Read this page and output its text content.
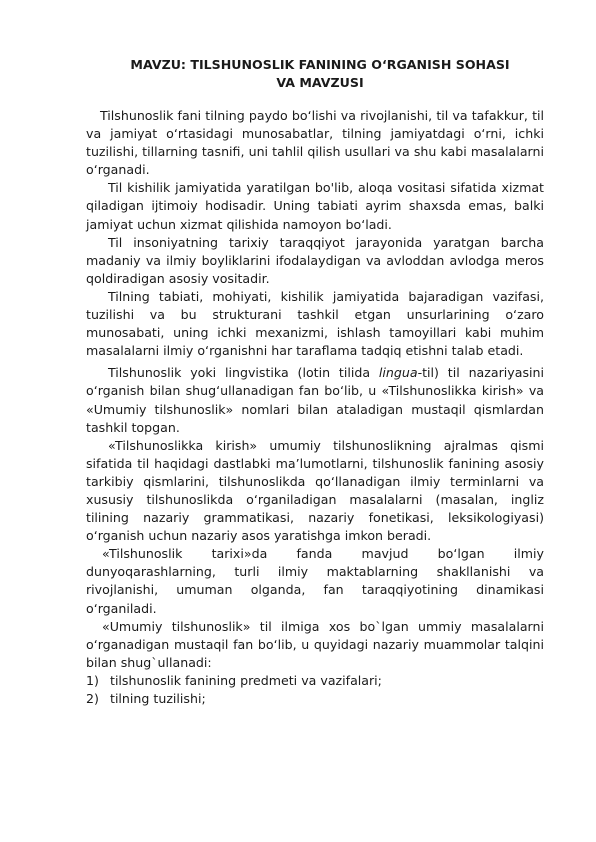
MAVZU: TILSHUNOSLIK FANINING O‘RGANISH SOHASI
VA MAVZUSI

Tilshunoslik fani tilning paydo bo‘lishi va rivojlanishi, til va tafakkur, til va jamiyat o‘rtasidagi munosabatlar, tilning jamiyatdagi o‘rni, ichki tuzilishi, tillarning tasnifi, uni tahlil qilish usullari va shu kabi masalalarni o‘rganadi.

Til kishilik jamiyatida yaratilgan bo'lib, aloqa vositasi sifatida xizmat qiladigan ijtimoiy hodisadir. Uning tabiati ayrim shaxsda emas, balki jamiyat uchun xizmat qilishida namoyon bo‘ladi.

Til insoniyatning tarixiy taraqqiyot jarayonida yaratgan barcha madaniy va ilmiy boyliklarini ifodalaydigan va avloddan avlodga meros qoldiradigan asosiy vositadir.

Tilning tabiati, mohiyati, kishilik jamiyatida bajaradigan vazifasi, tuzilishi va bu strukturani tashkil etgan unsurlarining o‘zaro munosabati, uning ichki mexanizmi, ishlash tamoyillari kabi muhim masalalarni ilmiy o‘rganishni har taraflama tadqiq etishni talab etadi.

Tilshunoslik yoki lingvistika (lotin tilida lingua-til) til nazariyasini o‘rganish bilan shug‘ullanadigan fan bo‘lib, u «Tilshunoslikka kirish» va «Umumiy tilshunoslik» nomlari bilan ataladigan mustaqil qismlardan tashkil topgan.

«Tilshunoslikka kirish» umumiy tilshunoslikning ajralmas qismi sifatida til haqidagi dastlabki ma’lumotlarni, tilshunoslik fanining asosiy tarkibiy qismlarini, tilshunoslikda qo‘llanadigan ilmiy terminlarni va xususiy tilshunoslikda o‘rganiladigan masalalarni (masalan, ingliz tilining nazariy grammatikasi, nazariy fonetikasi, leksikologiyasi) o‘rganish uchun nazariy asos yaratishga imkon beradi.

«Tilshunoslik tarixi»da fanda mavjud bo‘lgan ilmiy dunyoqarashlarning, turli ilmiy maktablarning shakllanishi va rivojlanishi, umuman olganda, fan taraqqiyotining dinamikasi o‘rganiladi.

«Umumiy tilshunoslik» til ilmiga xos bo`lgan ummiy masalalarni o‘rganadigan mustaqil fan bo‘lib, u quyidagi nazariy muammolar talqini bilan shug`ullanadi:

1) tilshunoslik fanining predmeti va vazifalari;
2) tilning tuzilishi;
